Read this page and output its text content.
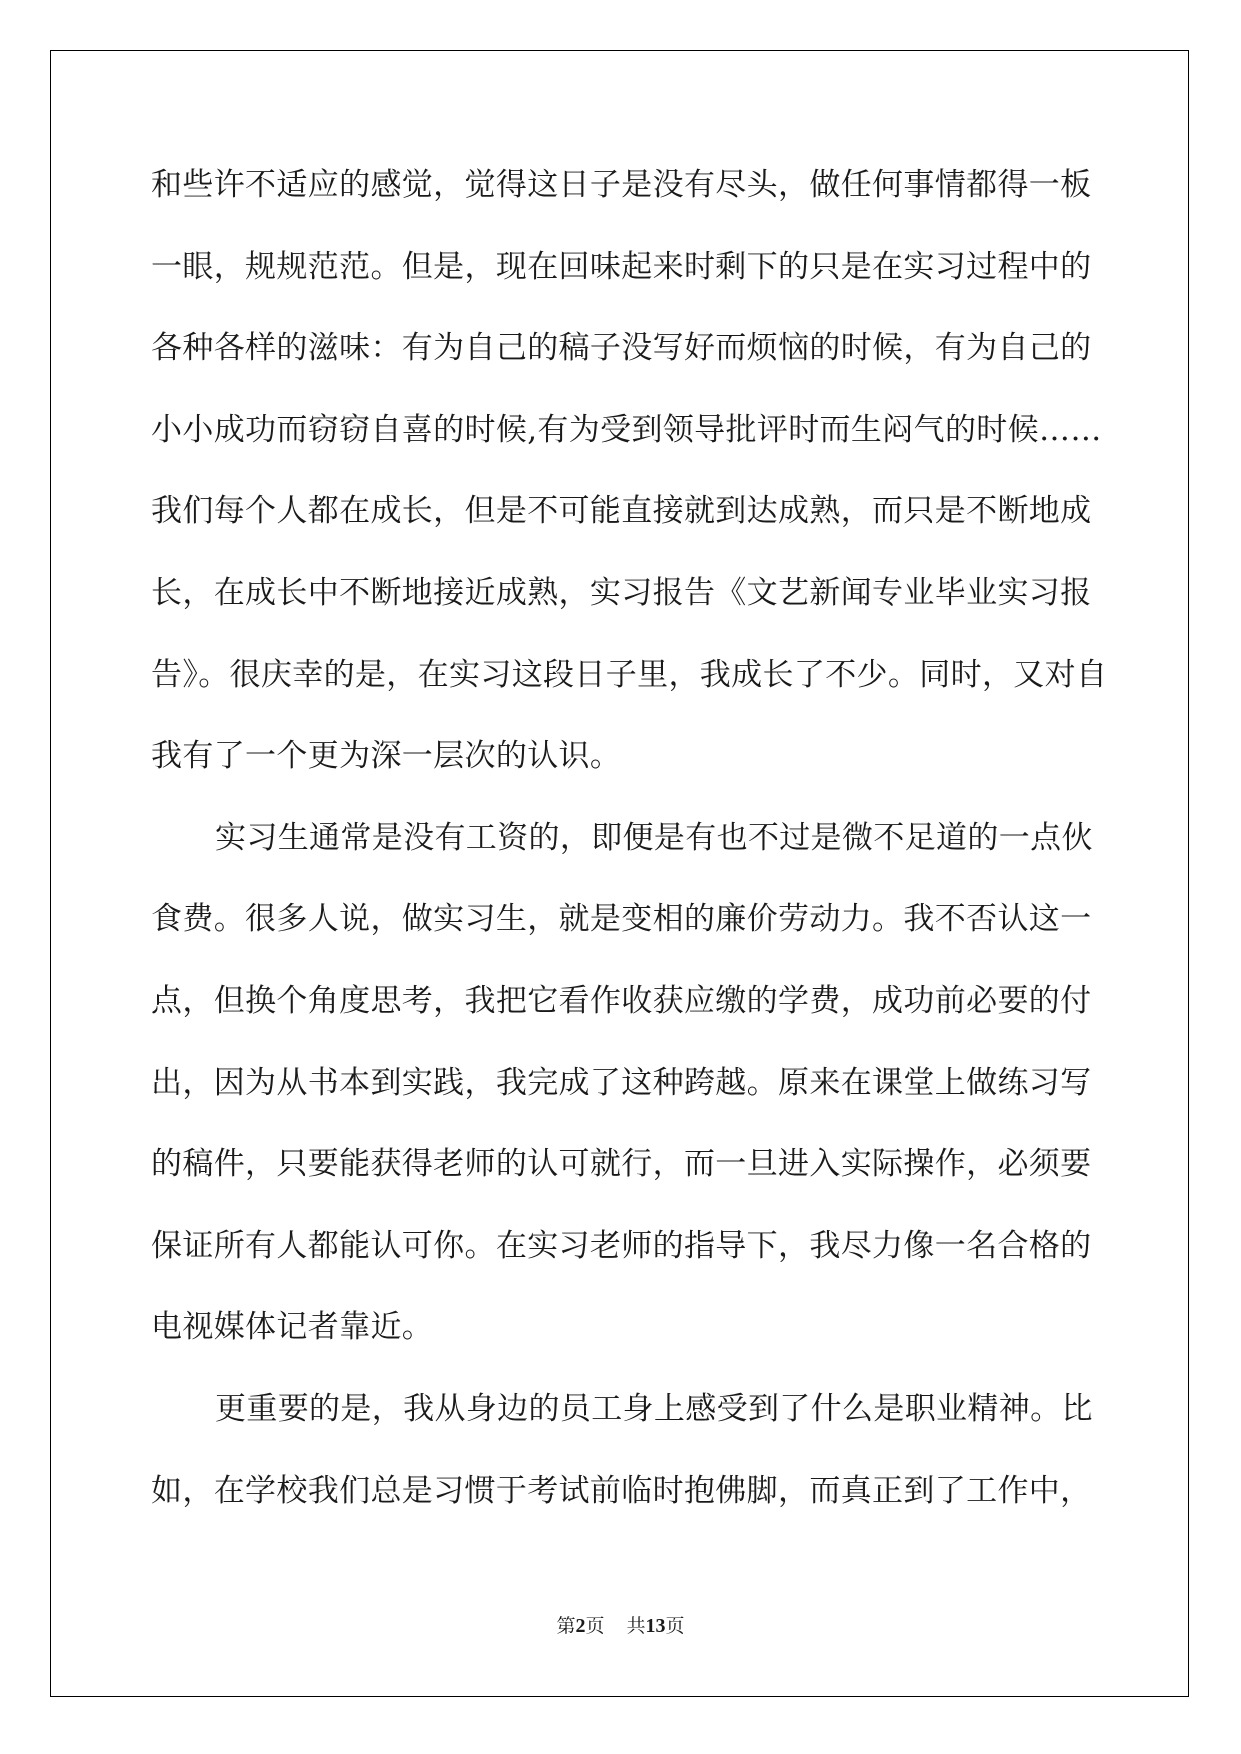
和些许不适应的感觉，觉得这日子是没有尽头，做任何事情都得一板
一眼，规规范范。但是，现在回味起来时剩下的只是在实习过程中的
各种各样的滋味：有为自己的稿子没写好而烦恼的时候，有为自己的
小小成功而窃窃自喜的时候,有为受到领导批评时而生闷气的时候……
我们每个人都在成长，但是不可能直接就到达成熟，而只是不断地成
长，在成长中不断地接近成熟，实习报告《文艺新闻专业毕业实习报
告》。很庆幸的是，在实习这段日子里，我成长了不少。同时，又对自
我有了一个更为深一层次的认识。
实习生通常是没有工资的，即便是有也不过是微不足道的一点伙
食费。很多人说，做实习生，就是变相的廉价劳动力。我不否认这一
点，但换个角度思考，我把它看作收获应缴的学费，成功前必要的付
出，因为从书本到实践，我完成了这种跨越。原来在课堂上做练习写
的稿件，只要能获得老师的认可就行，而一旦进入实际操作，必须要
保证所有人都能认可你。在实习老师的指导下，我尽力像一名合格的
电视媒体记者靠近。
更重要的是，我从身边的员工身上感受到了什么是职业精神。比
如，在学校我们总是习惯于考试前临时抱佛脚，而真正到了工作中，
第2页 共13页
